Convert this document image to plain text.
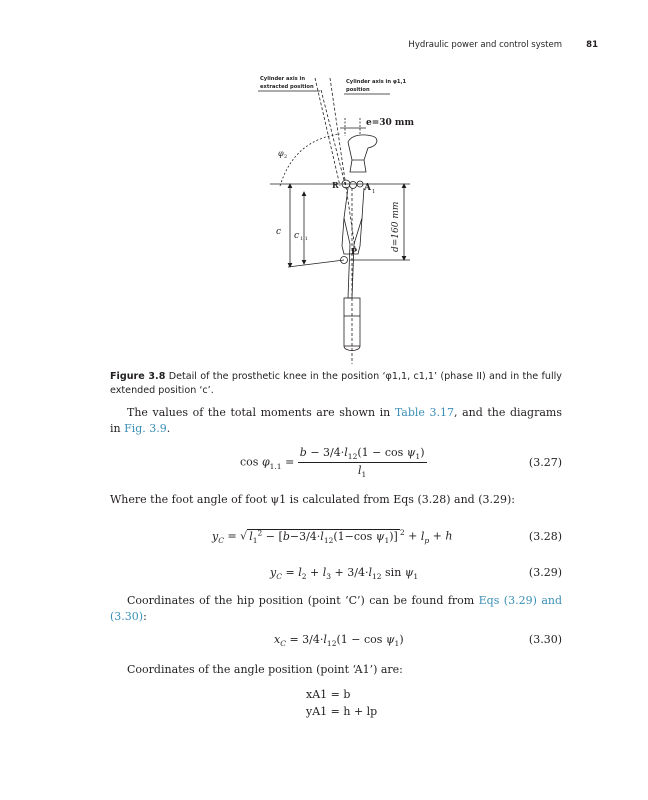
Hydraulic power and control system	81
Cylinder axis in
extracted position
Cylinder axis in φ1,1
position
e=30 mm
φ 2
R	A 1
P
c c 1,1	d=160 mm
Figure 3.8 Detail of the prosthetic knee in the position ‘φ1,1, c1,1’ (phase II) and in the fully extended position ‘c’.
The values of the total moments are shown in Table 3.17, and the diagrams in Fig. 3.9.
$\cos \varphi_{1.1} = \frac{b - 3/4\cdot l_{12}(1 - \cos \psi_1)}{l_1}$	(3.27)
Where the foot angle of foot ψ1 is calculated from Eqs (3.28) and (3.29):
$y_C$ = √ $l_1^2 - [b-3/4\cdot l_{12}(1-\cos$ $\psi_1$)] $^2 + l_p + h$	(3.28)
$y_C = l_2 + l_3 + 3/4\cdot l_{12}$ $\sin \psi_1$	(3.29)
Coordinates of the hip position (point ‘C’) can be found from Eqs (3.29) and (3.30):
$x_C = 3/4\cdot l_{12}(1 - \cos \psi_1)$	(3.30)
Coordinates of the angle position (point ‘A1’) are:
xA1 = b
yA1 = h + lp
